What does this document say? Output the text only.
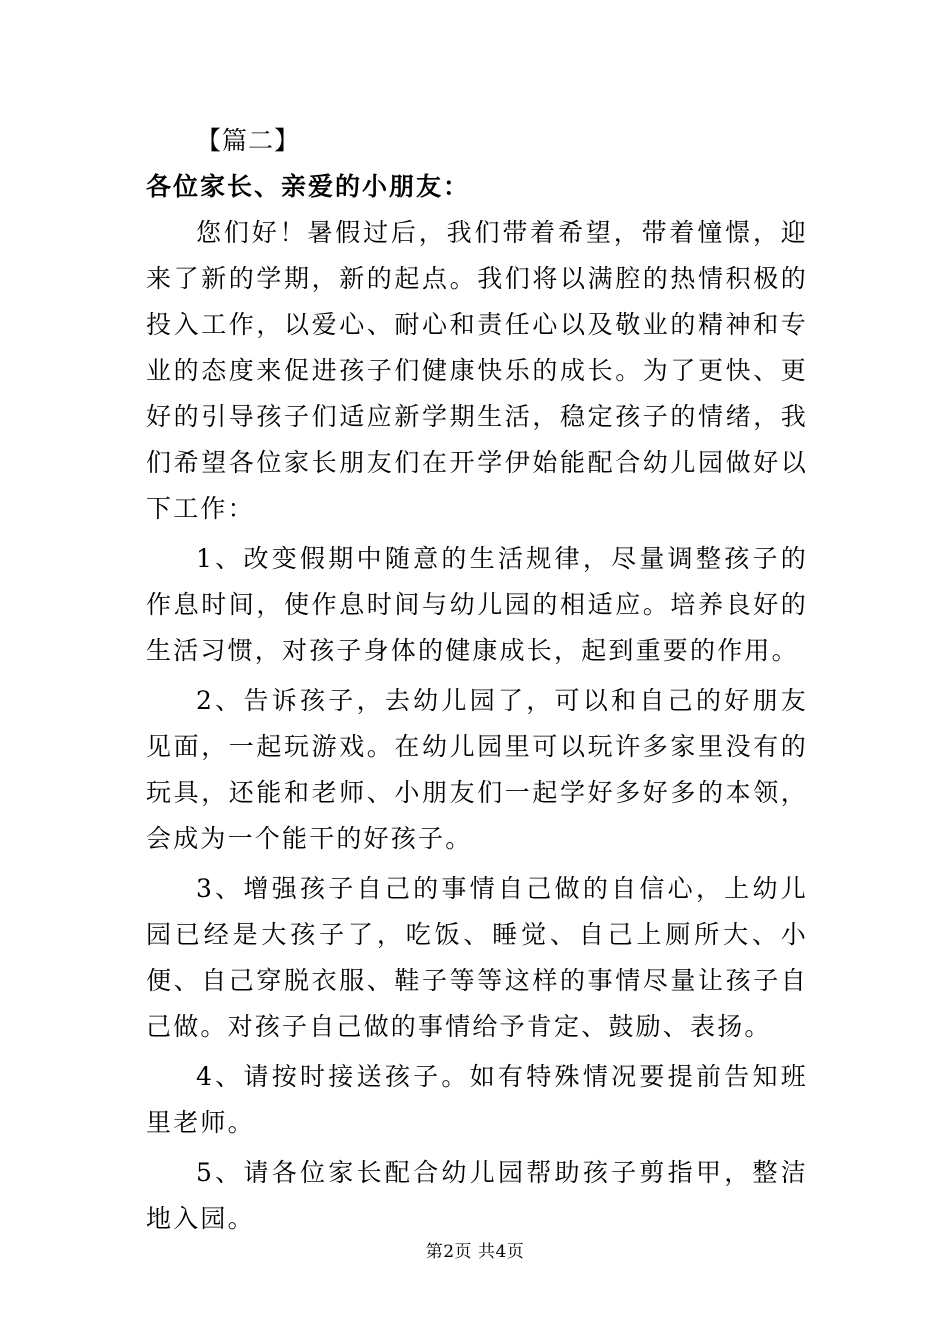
【篇二】
各位家长、亲爱的小朋友：

您们好！暑假过后，我们带着希望，带着憧憬，迎来了新的学期，新的起点。我们将以满腔的热情积极的投入工作，以爱心、耐心和责任心以及敬业的精神和专业的态度来促进孩子们健康快乐的成长。为了更快、更好的引导孩子们适应新学期生活，稳定孩子的情绪，我们希望各位家长朋友们在开学伊始能配合幼儿园做好以下工作：

1、改变假期中随意的生活规律，尽量调整孩子的作息时间，使作息时间与幼儿园的相适应。培养良好的生活习惯，对孩子身体的健康成长，起到重要的作用。

2、告诉孩子，去幼儿园了，可以和自己的好朋友见面，一起玩游戏。在幼儿园里可以玩许多家里没有的玩具，还能和老师、小朋友们一起学好多好多的本领，会成为一个能干的好孩子。

3、增强孩子自己的事情自己做的自信心，上幼儿园已经是大孩子了，吃饭、睡觉、自己上厕所大、小便、自己穿脱衣服、鞋子等等这样的事情尽量让孩子自己做。对孩子自己做的事情给予肯定、鼓励、表扬。

4、请按时接送孩子。如有特殊情况要提前告知班里老师。

5、请各位家长配合幼儿园帮助孩子剪指甲，整洁地入园。

第2页 共4页
